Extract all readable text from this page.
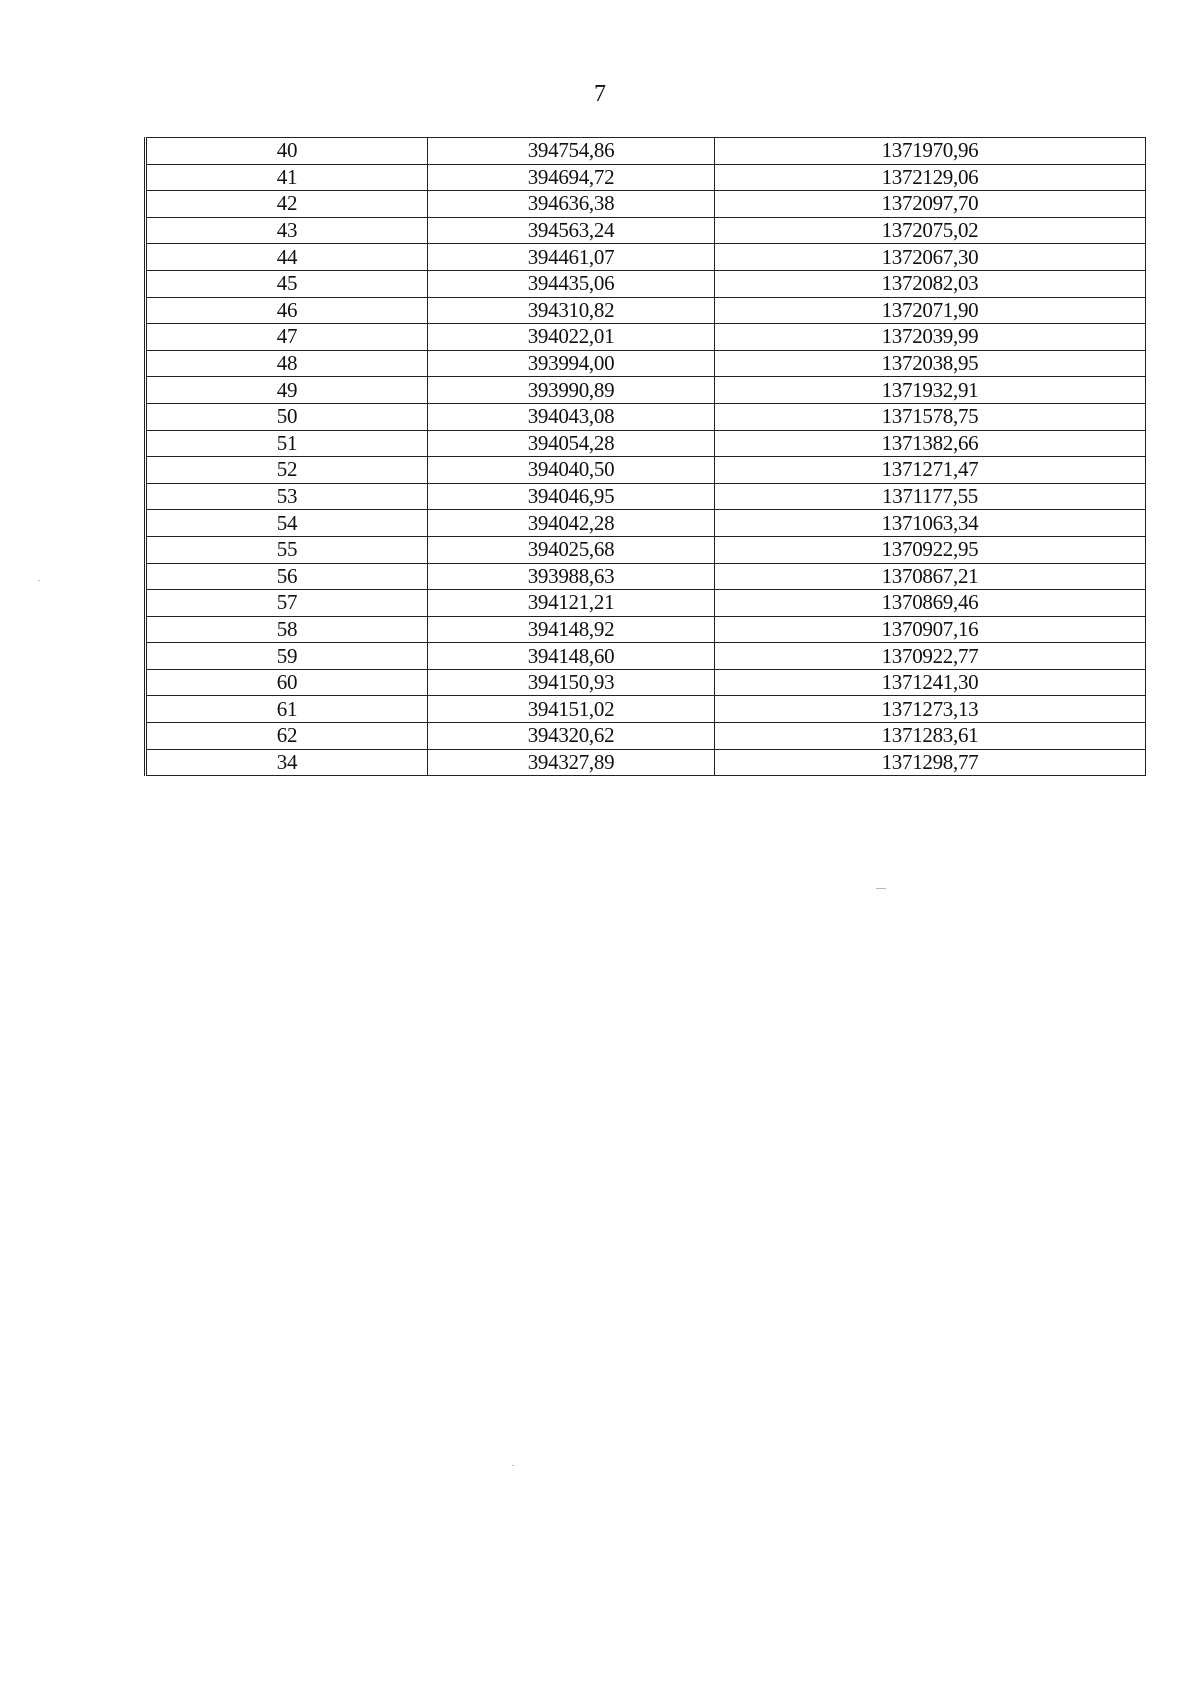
7
40	394754,86	1371970,96
41	394694,72	1372129,06
42	394636,38	1372097,70
43	394563,24	1372075,02
44	394461,07	1372067,30
45	394435,06	1372082,03
46	394310,82	1372071,90
47	394022,01	1372039,99
48	393994,00	1372038,95
49	393990,89	1371932,91
50	394043,08	1371578,75
51	394054,28	1371382,66
52	394040,50	1371271,47
53	394046,95	1371177,55
54	394042,28	1371063,34
55	394025,68	1370922,95
56	393988,63	1370867,21
57	394121,21	1370869,46
58	394148,92	1370907,16
59	394148,60	1370922,77
60	394150,93	1371241,30
61	394151,02	1371273,13
62	394320,62	1371283,61
34	394327,89	1371298,77
